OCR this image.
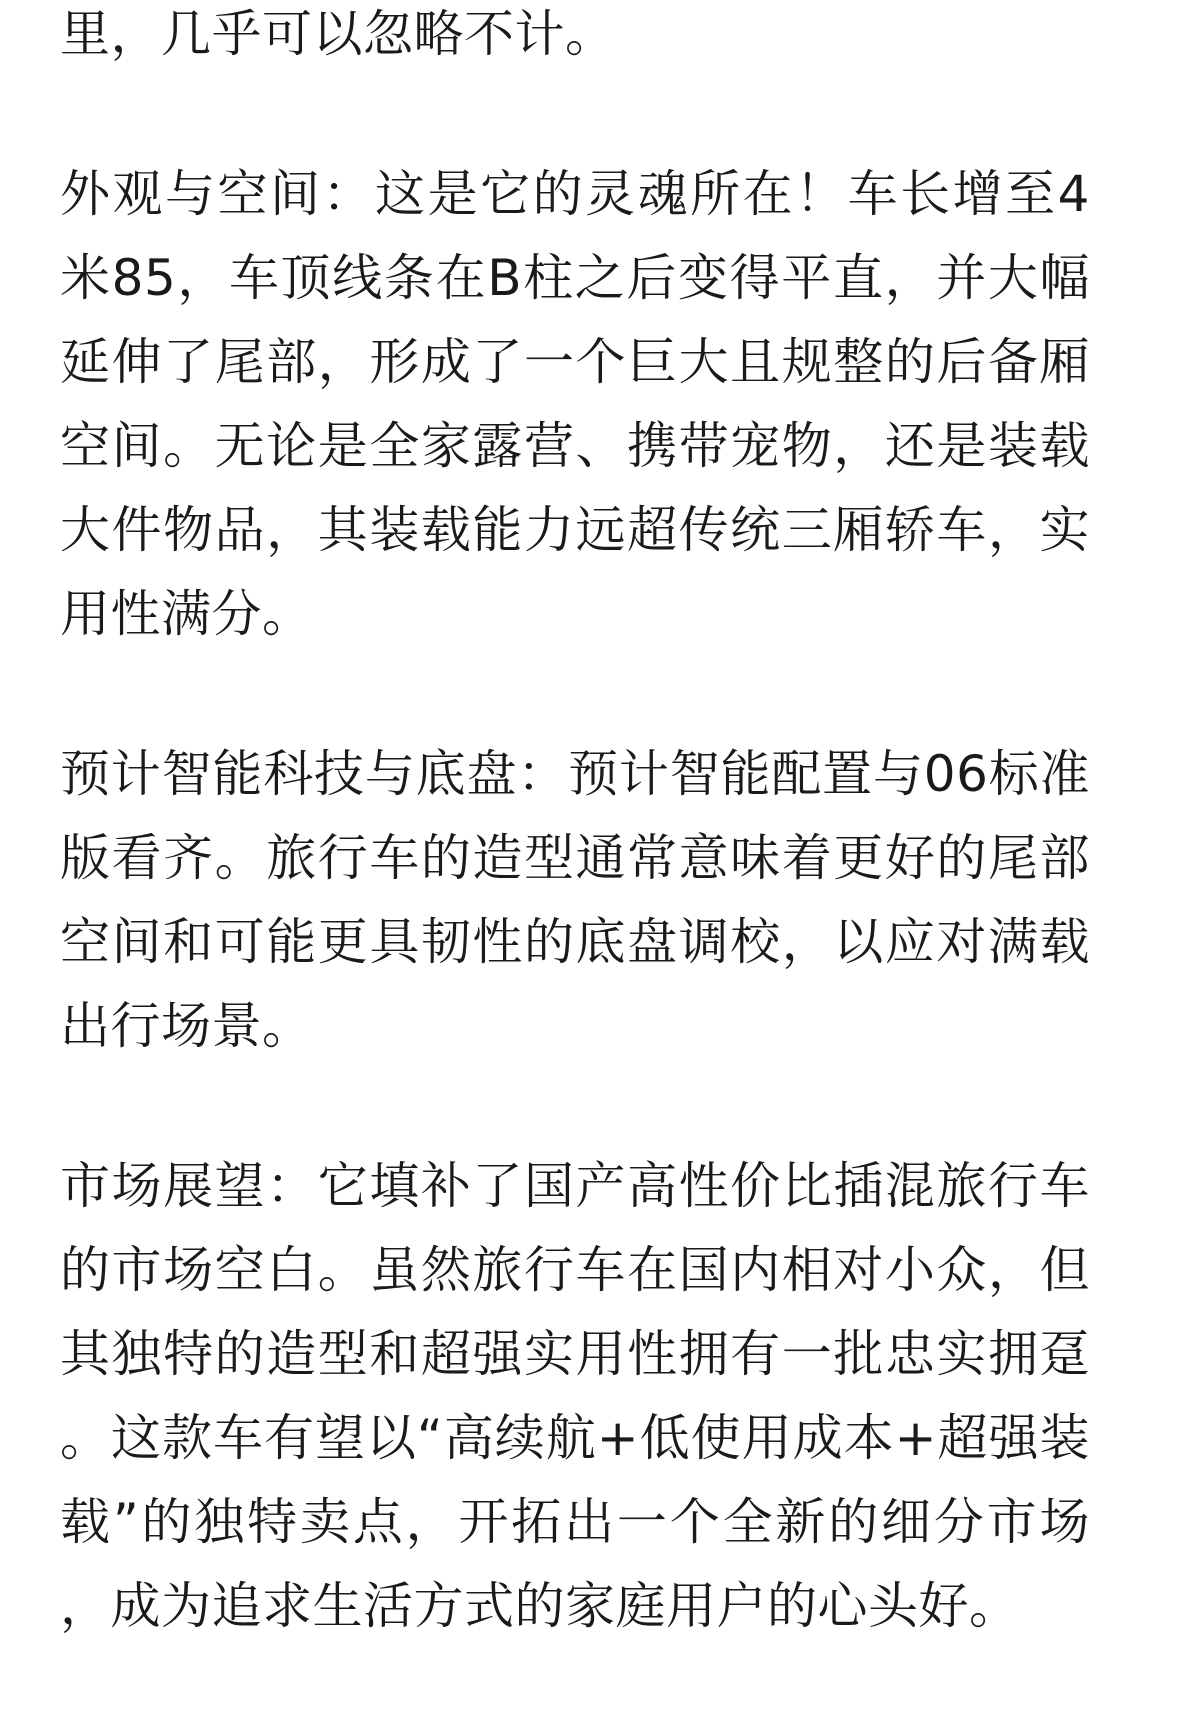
里，几乎可以忽略不计。

外观与空间：这是它的灵魂所在！车长增至4米85，车顶线条在B柱之后变得平直，并大幅延伸了尾部，形成了一个巨大且规整的后备厢空间。无论是全家露营、携带宠物，还是装载大件物品，其装载能力远超传统三厢轿车，实用性满分。

预计智能科技与底盘：预计智能配置与06标准版看齐。旅行车的造型通常意味着更好的尾部空间和可能更具韧性的底盘调校，以应对满载出行场景。

市场展望：它填补了国产高性价比插混旅行车的市场空白。虽然旅行车在国内相对小众，但其独特的造型和超强实用性拥有一批忠实拥趸。这款车有望以“高续航+低使用成本+超强装载”的独特卖点，开拓出一个全新的细分市场，成为追求生活方式的家庭用户的心头好。
